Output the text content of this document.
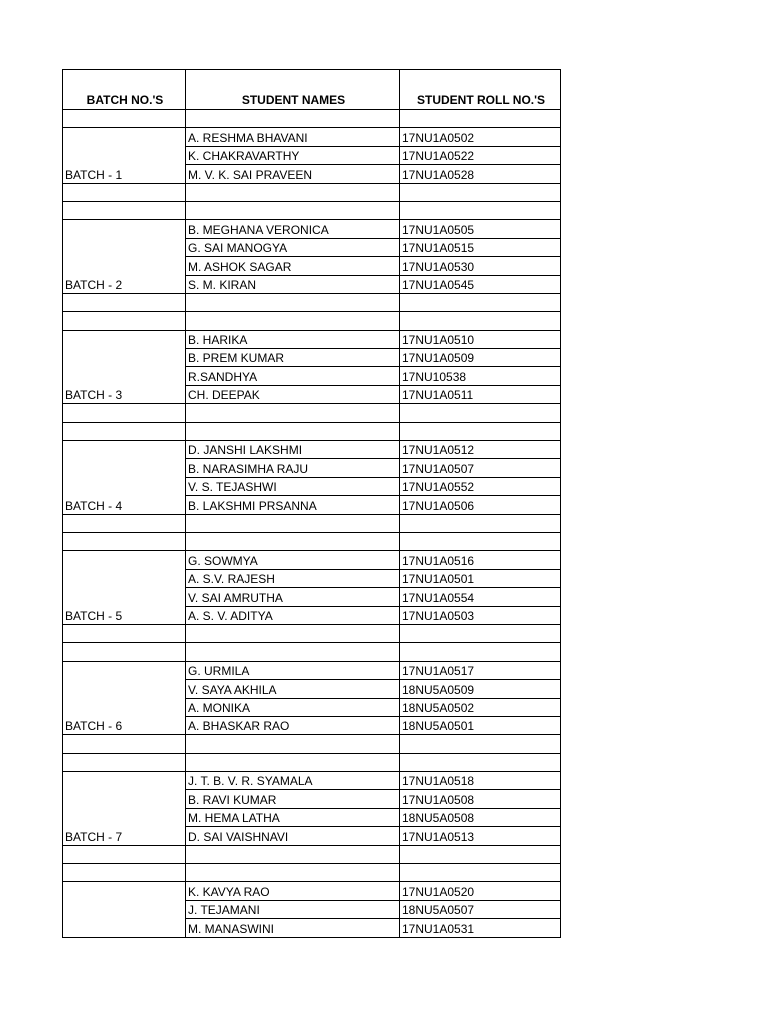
BATCH NO.'S	STUDENT NAMES	STUDENT ROLL NO.'S

BATCH - 1	A. RESHMA BHAVANI	17NU1A0502
	K. CHAKRAVARTHY	17NU1A0522
	M. V. K. SAI PRAVEEN	17NU1A0528

BATCH - 2	B. MEGHANA VERONICA	17NU1A0505
	G. SAI MANOGYA	17NU1A0515
	M. ASHOK SAGAR	17NU1A0530
	S. M. KIRAN	17NU1A0545

BATCH - 3	B. HARIKA	17NU1A0510
	B. PREM KUMAR	17NU1A0509
	R.SANDHYA	17NU10538
	CH. DEEPAK	17NU1A0511

BATCH - 4	D. JANSHI LAKSHMI	17NU1A0512
	B. NARASIMHA RAJU	17NU1A0507
	V. S. TEJASHWI	17NU1A0552
	B. LAKSHMI PRSANNA	17NU1A0506

BATCH - 5	G. SOWMYA	17NU1A0516
	A. S.V. RAJESH	17NU1A0501
	V. SAI AMRUTHA	17NU1A0554
	A. S. V. ADITYA	17NU1A0503

BATCH - 6	G. URMILA	17NU1A0517
	V. SAYA AKHILA	18NU5A0509
	A. MONIKA	18NU5A0502
	A. BHASKAR RAO	18NU5A0501

BATCH - 7	J. T. B. V. R. SYAMALA	17NU1A0518
	B. RAVI KUMAR	17NU1A0508
	M. HEMA LATHA	18NU5A0508
	D. SAI VAISHNAVI	17NU1A0513

	K. KAVYA RAO	17NU1A0520
	J. TEJAMANI	18NU5A0507
	M. MANASWINI	17NU1A0531
